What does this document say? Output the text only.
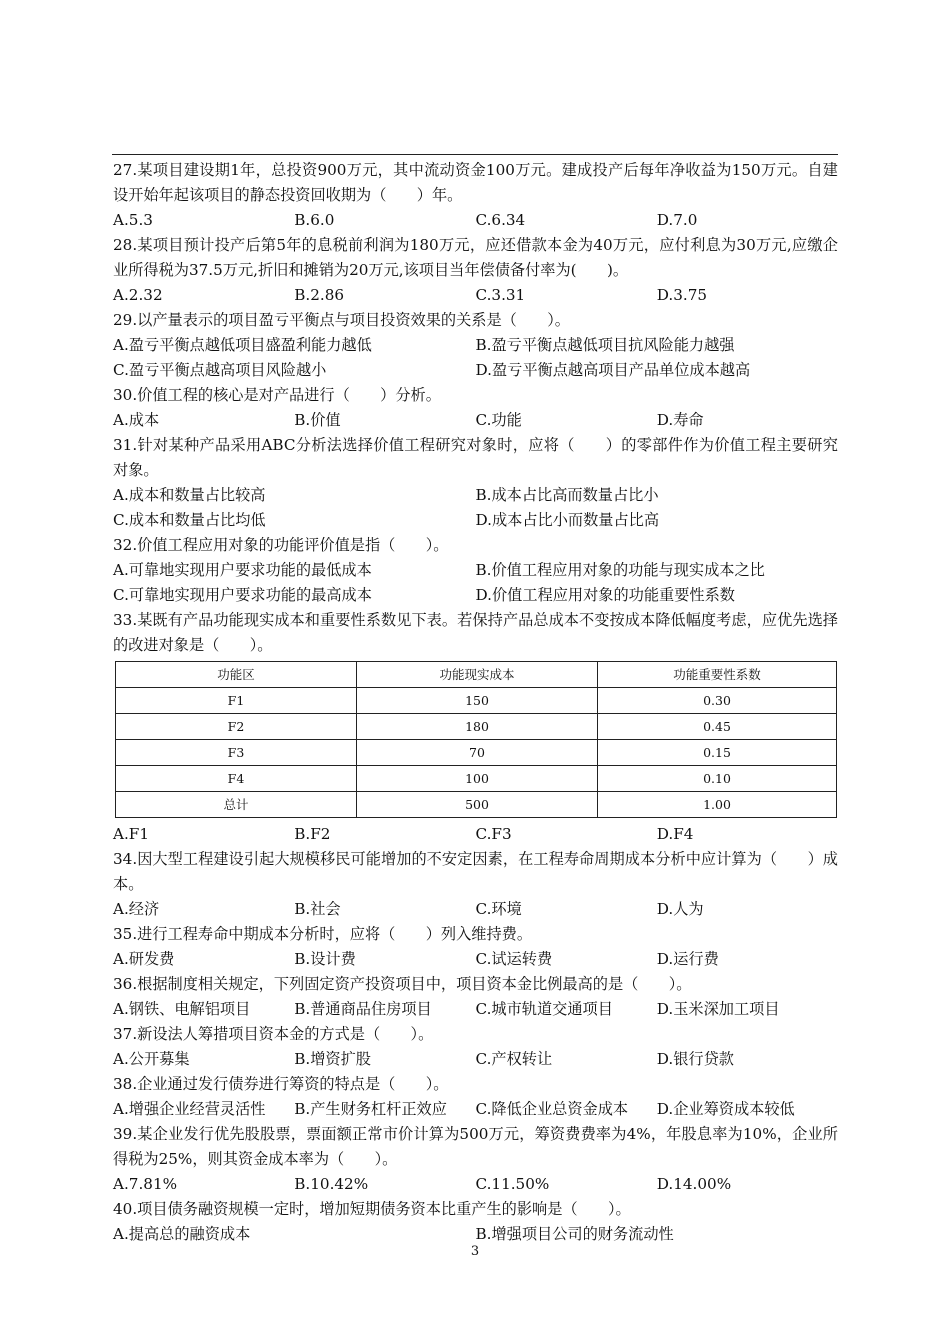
27.某项目建设期1年，总投资900万元，其中流动资金100万元。建成投产后每年净收益为150万元。自建设开始年起该项目的静态投资回收期为（　　）年。
A.5.3	B.6.0	C.6.34	D.7.0
28.某项目预计投产后第5年的息税前利润为180万元，应还借款本金为40万元，应付利息为30万元,应缴企业所得税为37.5万元,折旧和摊销为20万元,该项目当年偿债备付率为(　　)。
A.2.32	B.2.86	C.3.31	D.3.75
29.以产量表示的项目盈亏平衡点与项目投资效果的关系是（　　）。
A.盈亏平衡点越低项目盛盈利能力越低	B.盈亏平衡点越低项目抗风险能力越强
C.盈亏平衡点越高项目风险越小	D.盈亏平衡点越高项目产品单位成本越高
30.价值工程的核心是对产品进行（　　）分析。
A.成本	B.价值	C.功能	D.寿命
31.针对某种产品采用ABC分析法选择价值工程研究对象时，应将（　　）的零部件作为价值工程主要研究对象。
A.成本和数量占比较高	B.成本占比高而数量占比小
C.成本和数量占比均低	D.成本占比小而数量占比高
32.价值工程应用对象的功能评价值是指（　　）。
A.可靠地实现用户要求功能的最低成本	B.价值工程应用对象的功能与现实成本之比
C.可靠地实现用户要求功能的最高成本	D.价值工程应用对象的功能重要性系数
33.某既有产品功能现实成本和重要性系数见下表。若保持产品总成本不变按成本降低幅度考虑，应优先选择的改进对象是（　　）。
功能区	功能现实成本	功能重要性系数
F1	150	0.30
F2	180	0.45
F3	70	0.15
F4	100	0.10
总计	500	1.00
A.F1	B.F2	C.F3	D.F4
34.因大型工程建设引起大规模移民可能增加的不安定因素，在工程寿命周期成本分析中应计算为（　　）成本。
A.经济	B.社会	C.环境	D.人为
35.进行工程寿命中期成本分析时，应将（　　）列入维持费。
A.研发费	B.设计费	C.试运转费	D.运行费
36.根据制度相关规定，下列固定资产投资项目中，项目资本金比例最高的是（　　）。
A.钢铁、电解铝项目	B.普通商品住房项目	C.城市轨道交通项目	D.玉米深加工项目
37.新设法人筹措项目资本金的方式是（　　）。
A.公开募集	B.增资扩股	C.产权转让	D.银行贷款
38.企业通过发行债券进行筹资的特点是（　　）。
A.增强企业经营灵活性	B.产生财务杠杆正效应	C.降低企业总资金成本	D.企业筹资成本较低
39.某企业发行优先股股票，票面额正常市价计算为500万元，筹资费费率为4%，年股息率为10%，企业所得税为25%，则其资金成本率为（　　）。
A.7.81%	B.10.42%	C.11.50%	D.14.00%
40.项目债务融资规模一定时，增加短期债务资本比重产生的影响是（　　）。
A.提高总的融资成本	B.增强项目公司的财务流动性
3
